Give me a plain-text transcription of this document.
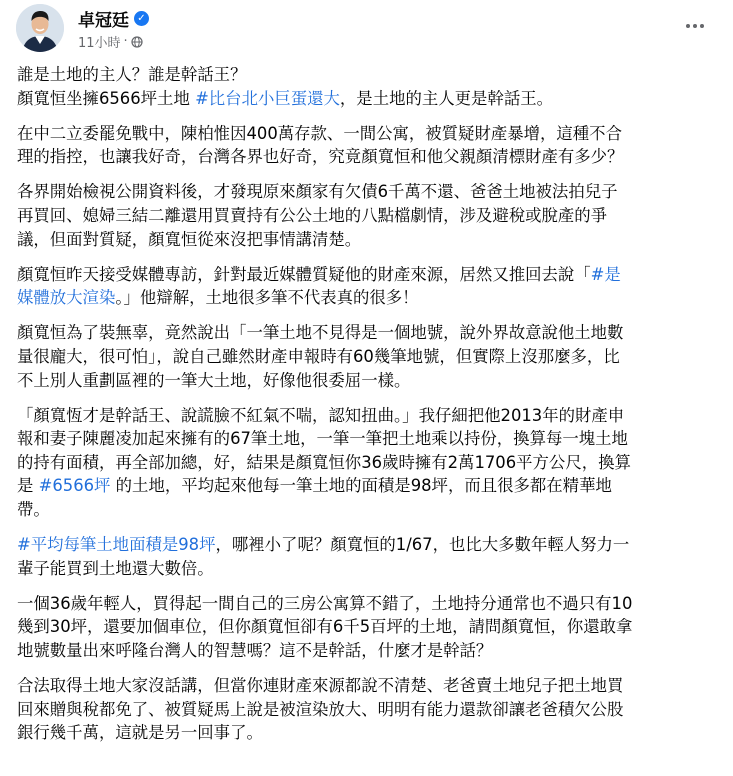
卓冠廷 ✓
11小時 ·

誰是土地的主人？誰是幹話王？
顏寬恒坐擁6566坪土地 #比台北小巨蛋還大，是土地的主人更是幹話王。

在中二立委罷免戰中，陳柏惟因400萬存款、一間公寓，被質疑財產暴增，這種不合
理的指控，也讓我好奇，台灣各界也好奇，究竟顏寬恒和他父親顏清標財產有多少？

各界開始檢視公開資料後，才發現原來顏家有欠債6千萬不還、爸爸土地被法拍兒子
再買回、媳婦三結二離還用買賣持有公公土地的八點檔劇情，涉及避稅或脫產的爭
議，但面對質疑，顏寬恒從來沒把事情講清楚。

顏寬恒昨天接受媒體專訪，針對最近媒體質疑他的財產來源，居然又推回去說「#是
媒體放大渲染。」他辯解，土地很多筆不代表真的很多！

顏寬恒為了裝無辜，竟然說出「一筆土地不見得是一個地號，說外界故意說他土地數
量很龐大，很可怕」，說自己雖然財產申報時有60幾筆地號，但實際上沒那麼多，比
不上別人重劃區裡的一筆大土地，好像他很委屈一樣。

「顏寬恆才是幹話王、說謊臉不紅氣不喘，認知扭曲。」我仔細把他2013年的財產申
報和妻子陳麗凌加起來擁有的67筆土地，一筆一筆把土地乘以持份，換算每一塊土地
的持有面積，再全部加總，好，結果是顏寬恒你36歲時擁有2萬1706平方公尺，換算
是 #6566坪 的土地，平均起來他每一筆土地的面積是98坪，而且很多都在精華地
帶。

#平均每筆土地面積是98坪，哪裡小了呢？顏寬恒的1/67，也比大多數年輕人努力一
輩子能買到土地還大數倍。

一個36歲年輕人，買得起一間自己的三房公寓算不錯了，土地持分通常也不過只有10
幾到30坪，還要加個車位，但你顏寬恒卻有6千5百坪的土地，請問顏寬恒，你還敢拿
地號數量出來呼隆台灣人的智慧嗎？這不是幹話，什麼才是幹話？

合法取得土地大家沒話講，但當你連財產來源都說不清楚、老爸賣土地兒子把土地買
回來贈與稅都免了、被質疑馬上說是被渲染放大、明明有能力還款卻讓老爸積欠公股
銀行幾千萬，這就是另一回事了。
